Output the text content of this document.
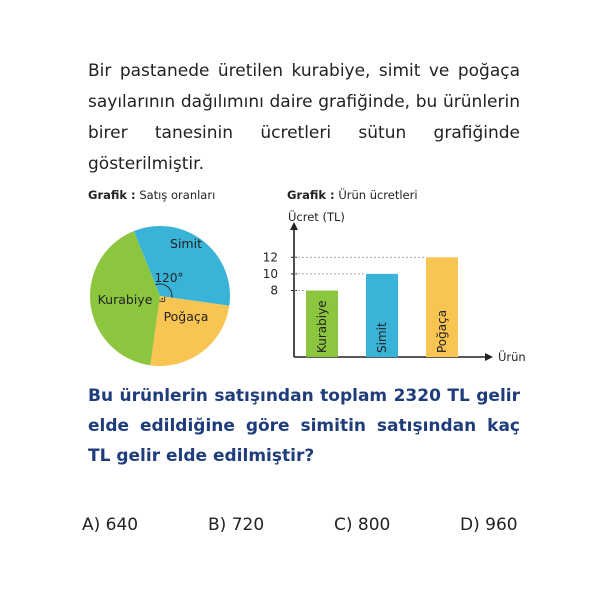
Bir pastanede üretilen kurabiye, simit ve poğaça sayılarının dağılımını daire grafiğinde, bu ürünlerin birer tanesinin ücretleri sütun grafiğinde gösterilmiştir.

Grafik : Satış oranları	Grafik : Ürün ücretleri

Simit
Poğaça
Kurabiye
120°
Ücret (TL)
Ürün
Kurabiye	Simit	Poğaça
8
10
12

Bu ürünlerin satışından toplam 2320 TL gelir elde edildiğine göre simitin satışından kaç TL gelir elde edilmiştir?

A) 640	B) 720	C) 800	D) 960
